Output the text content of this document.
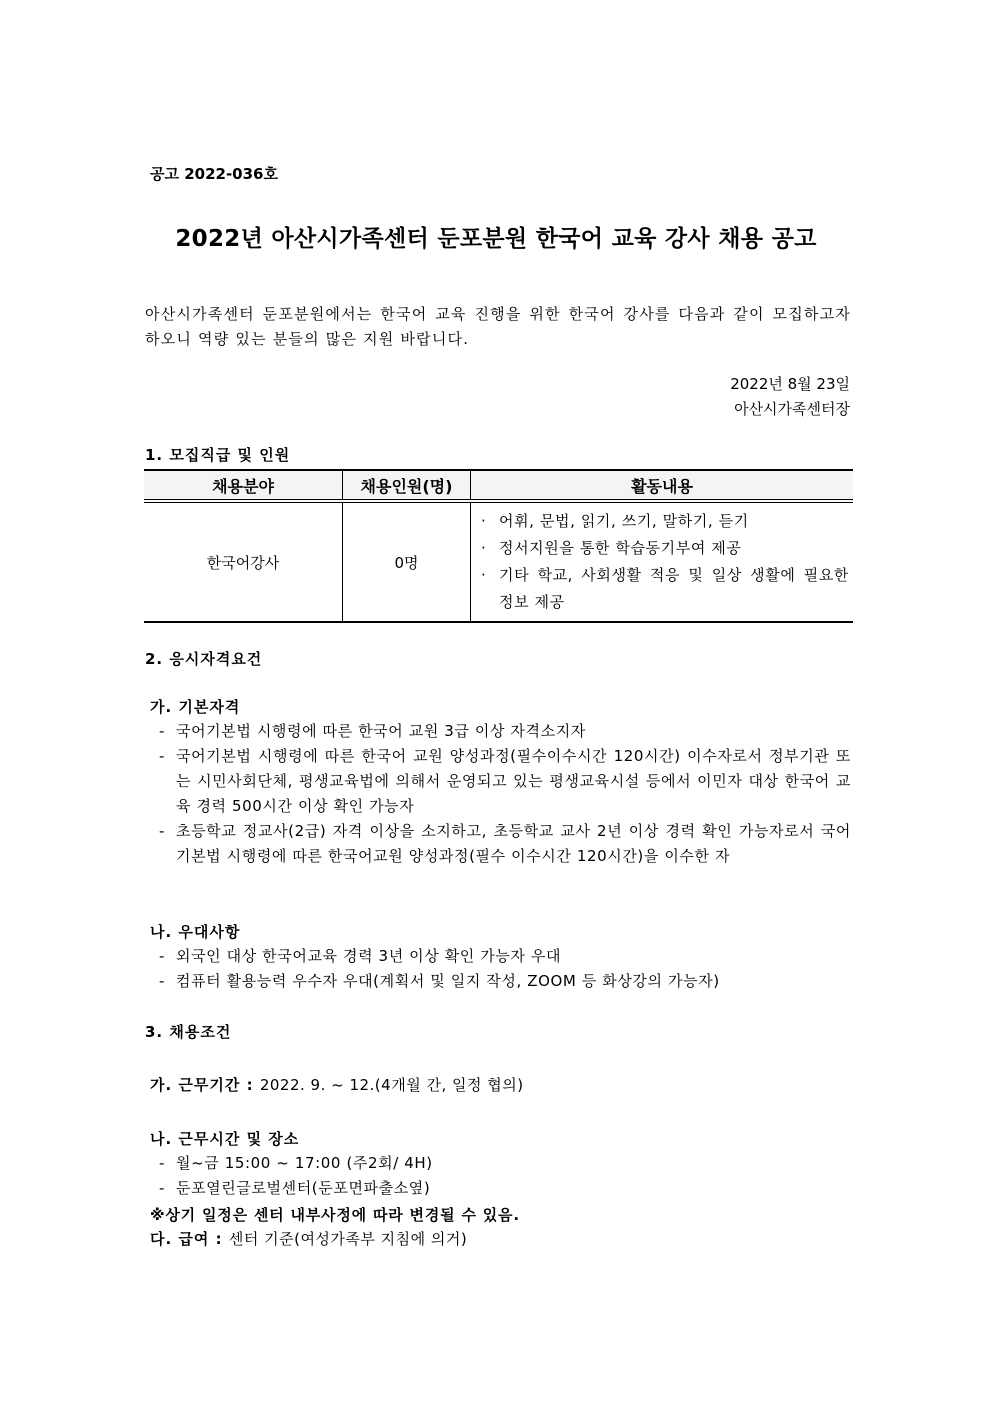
공고 2022-036호
2022년 아산시가족센터 둔포분원 한국어 교육 강사 채용 공고
아산시가족센터 둔포분원에서는 한국어 교육 진행을 위한 한국어 강사를 다음과 같이 모집하고자 하오니 역량 있는 분들의 많은 지원 바랍니다.
2022년 8월 23일
아산시가족센터장
1. 모집직급 및 인원
채용분야	채용인원(명)	활동내용
한국어강사	0명	· 어휘, 문법, 읽기, 쓰기, 말하기, 듣기
· 정서지원을 통한 학습동기부여 제공
· 기타 학교, 사회생활 적응 및 일상 생활에 필요한 정보 제공
2. 응시자격요건
가. 기본자격
- 국어기본법 시행령에 따른 한국어 교원 3급 이상 자격소지자
- 국어기본법 시행령에 따른 한국어 교원 양성과정(필수이수시간 120시간) 이수자로서 정부기관 또는 시민사회단체, 평생교육법에 의해서 운영되고 있는 평생교육시설 등에서 이민자 대상 한국어 교육 경력 500시간 이상 확인 가능자
- 초등학교 정교사(2급) 자격 이상을 소지하고, 초등학교 교사 2년 이상 경력 확인 가능자로서 국어기본법 시행령에 따른 한국어교원 양성과정(필수 이수시간 120시간)을 이수한 자
나. 우대사항
- 외국인 대상 한국어교육 경력 3년 이상 확인 가능자 우대
- 컴퓨터 활용능력 우수자 우대(계획서 및 일지 작성, ZOOM 등 화상강의 가능자)
3. 채용조건
가. 근무기간 : 2022. 9. ~ 12.(4개월 간, 일정 협의)
나. 근무시간 및 장소
- 월~금 15:00 ~ 17:00 (주2회/ 4H)
- 둔포열린글로벌센터(둔포면파출소옆)
※상기 일정은 센터 내부사정에 따라 변경될 수 있음.
다. 급여 : 센터 기준(여성가족부 지침에 의거)
